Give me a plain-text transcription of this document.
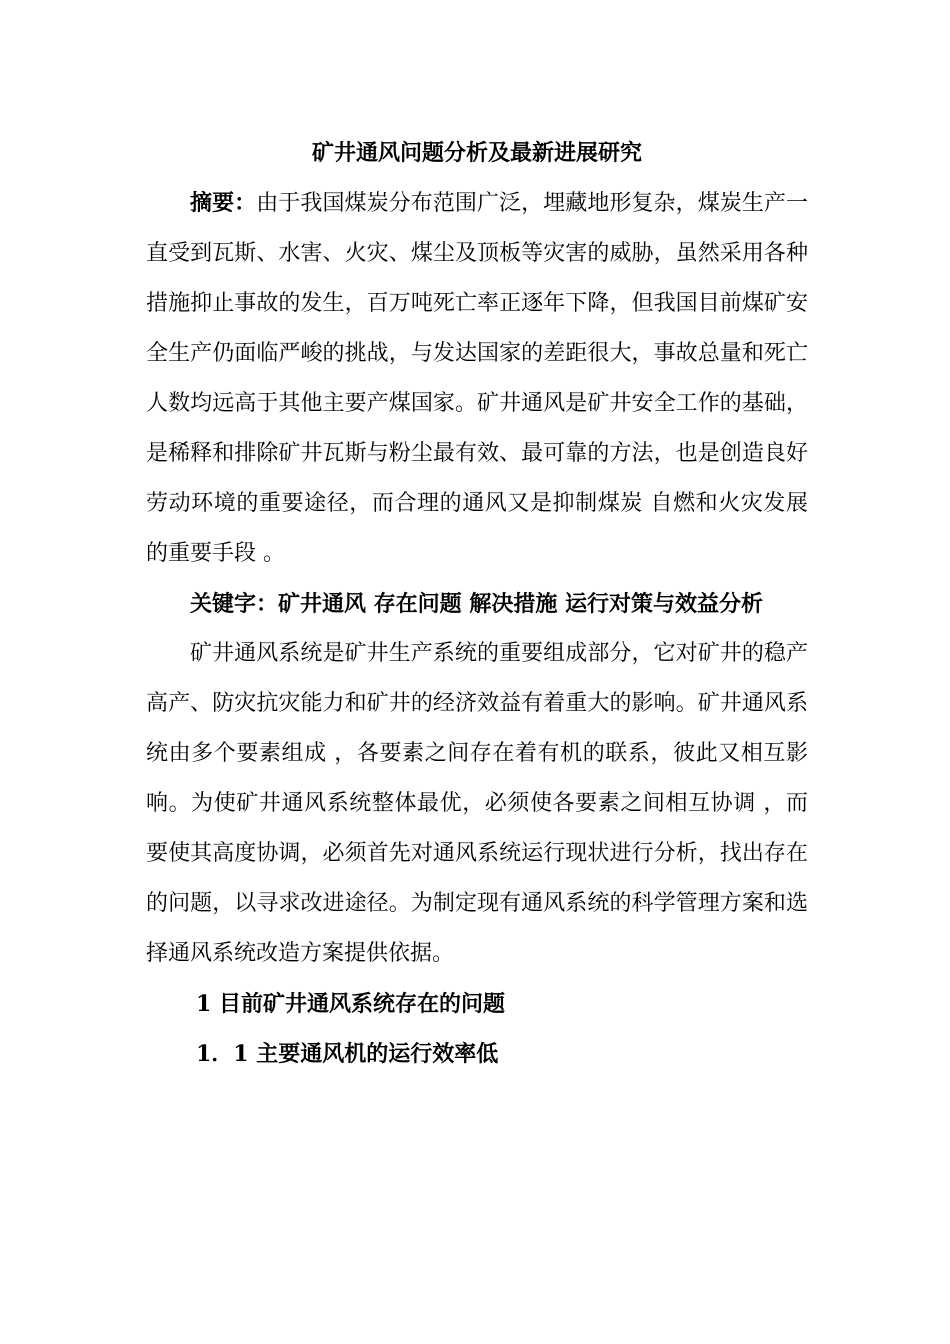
矿井通风问题分析及最新进展研究

摘要：由于我国煤炭分布范围广泛，埋藏地形复杂，煤炭生产一直受到瓦斯、水害、火灾、煤尘及顶板等灾害的威胁，虽然采用各种措施抑止事故的发生，百万吨死亡率正逐年下降，但我国目前煤矿安全生产仍面临严峻的挑战，与发达国家的差距很大，事故总量和死亡人数均远高于其他主要产煤国家。矿井通风是矿井安全工作的基础，是稀释和排除矿井瓦斯与粉尘最有效、最可靠的方法，也是创造良好劳动环境的重要途径，而合理的通风又是抑制煤炭 自燃和火灾发展的重要手段 。

关键字：矿井通风 存在问题 解决措施 运行对策与效益分析

矿井通风系统是矿井生产系统的重要组成部分，它对矿井的稳产高产、防灾抗灾能力和矿井的经济效益有着重大的影响。矿井通风系统由多个要素组成 ，各要素之间存在着有机的联系，彼此又相互影响。为使矿井通风系统整体最优，必须使各要素之间相互协调 ，而要使其高度协调，必须首先对通风系统运行现状进行分析，找出存在的问题，以寻求改进途径。为制定现有通风系统的科学管理方案和选择通风系统改造方案提供依据。

1 目前矿井通风系统存在的问题
1．1 主要通风机的运行效率低
